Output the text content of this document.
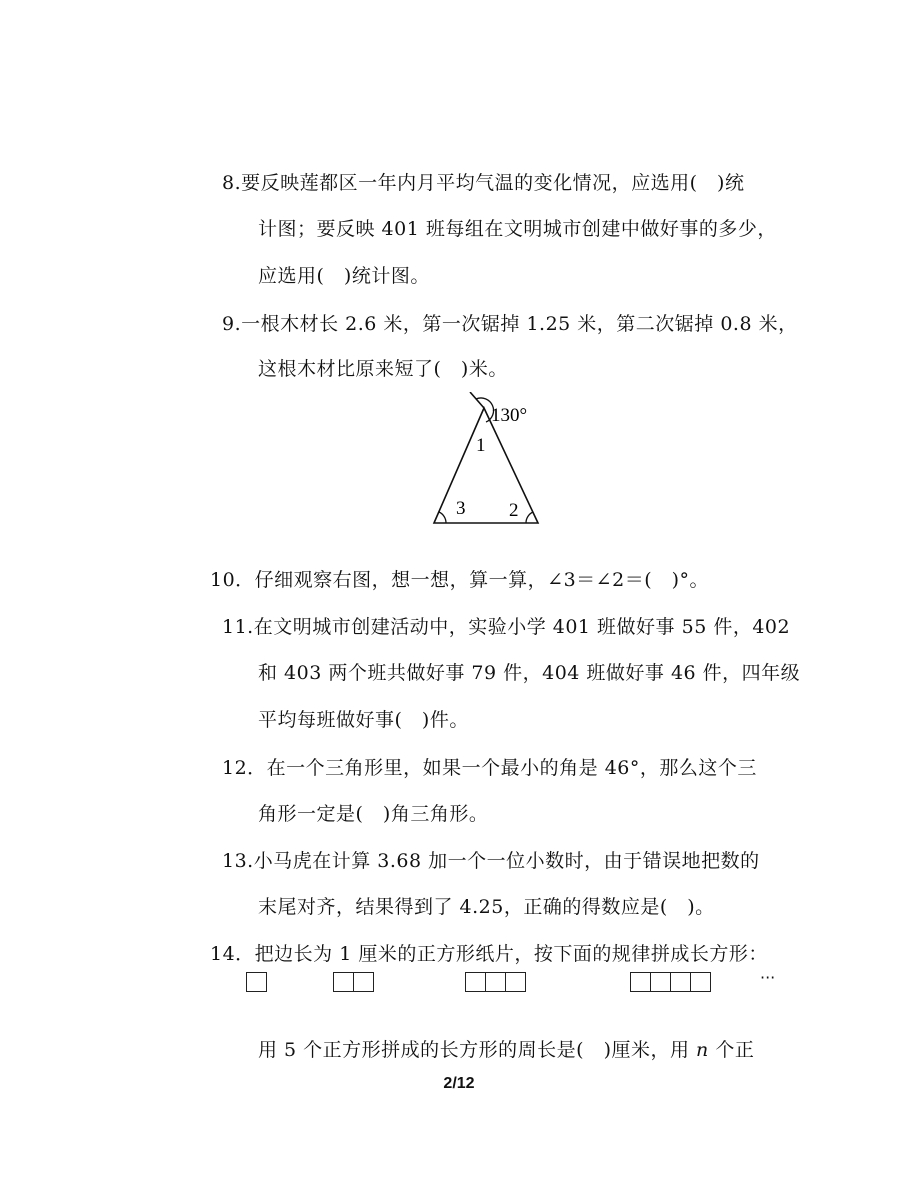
8.要反映莲都区一年内月平均气温的变化情况，应选用(　)统
计图；要反映 401 班每组在文明城市创建中做好事的多少，
应选用(　)统计图。
9.一根木材长 2.6 米，第一次锯掉 1.25 米，第二次锯掉 0.8 米，
这根木材比原来短了(　)米。
130°
1
3 2
10．仔细观察右图，想一想，算一算，∠3＝∠2＝(　)°。
11.在文明城市创建活动中，实验小学 401 班做好事 55 件，402
和 403 两个班共做好事 79 件，404 班做好事 46 件，四年级
平均每班做好事(　)件。
12．在一个三角形里，如果一个最小的角是 46°，那么这个三
角形一定是(　)角三角形。
13.小马虎在计算 3.68 加一个一位小数时，由于错误地把数的
末尾对齐，结果得到了 4.25，正确的得数应是(　)。
14．把边长为 1 厘米的正方形纸片，按下面的规律拼成长方形：
···
用 5 个正方形拼成的长方形的周长是(　)厘米，用 n 个正
2/12
